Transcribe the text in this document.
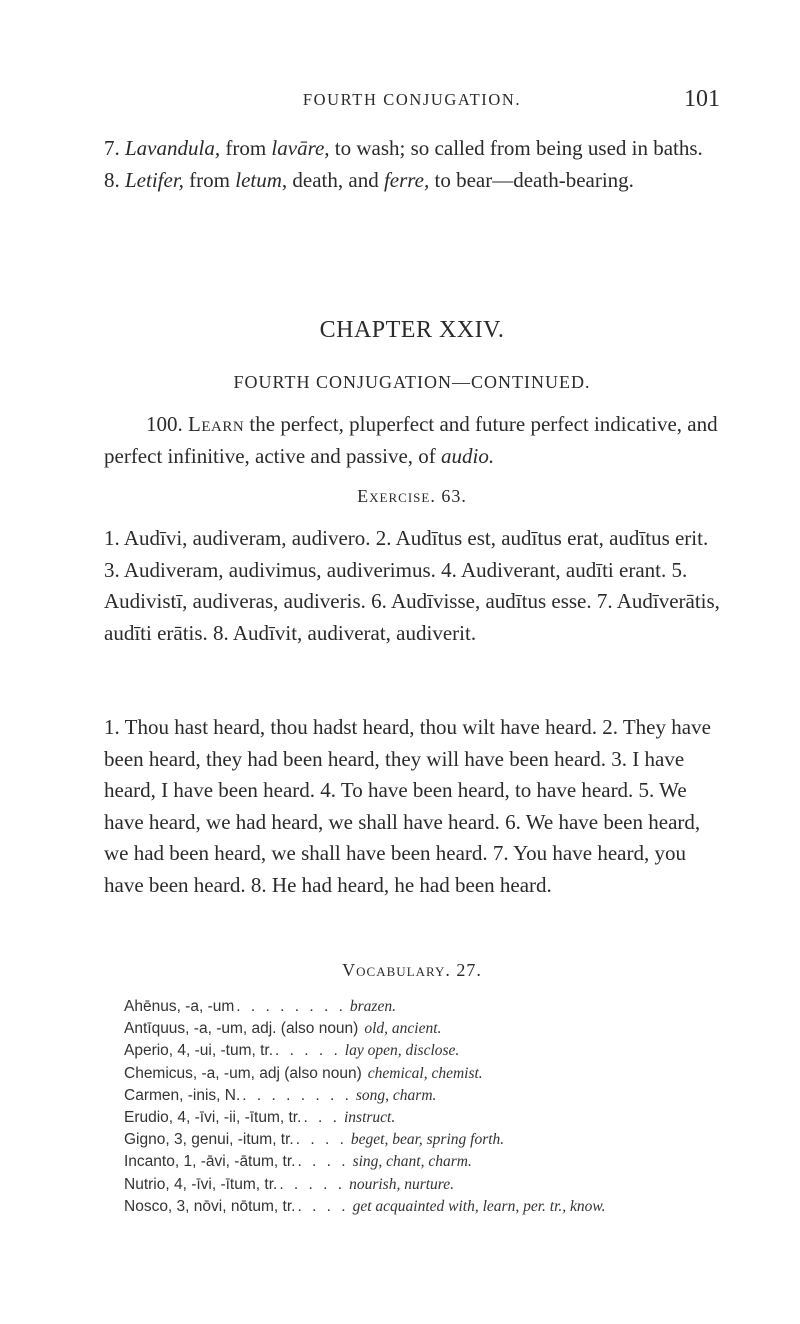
FOURTH CONJUGATION.	101

7. Lavandula, from lavāre, to wash; so called from being used in baths.

8. Letifer, from letum, death, and ferre, to bear—death-bearing.

CHAPTER XXIV.
FOURTH CONJUGATION—CONTINUED.

  100. Learn the perfect, pluperfect and future perfect indicative, and perfect infinitive, active and passive, of audio.

Exercise. 63.

1. Audīvi, audiveram, audivero. 2. Audītus est, audītus erat, audītus erit. 3. Audiveram, audivimus, audiverimus. 4. Audiverant, audīti erant. 5. Audivistī, audiveras, audiveris. 6. Audīvisse, audītus esse. 7. Audīverātis, audīti erātis. 8. Audīvit, audiverat, audiverit.

1. Thou hast heard, thou hadst heard, thou wilt have heard. 2. They have been heard, they had been heard, they will have been heard. 3. I have heard, I have been heard. 4. To have been heard, to have heard. 5. We have heard, we had heard, we shall have heard. 6. We have been heard, we had been heard, we shall have been heard. 7. You have heard, you have been heard. 8. He had heard, he had been heard.

Vocabulary. 27.
Ahēnus, -a, -um . . . . . . . . brazen.
Antīquus, -a, -um, adj. (also noun) old, ancient.
Aperio, 4, -ui, -tum, tr. . . . . . lay open, disclose.
Chemicus, -a, -um, adj (also noun) chemical, chemist.
Carmen, -inis, N. . . . . . . . . song, charm.
Erudio, 4, -īvi, -ii, -ītum, tr. . . . instruct.
Gigno, 3, genui, -itum, tr. . . . . beget, bear, spring forth.
Incanto, 1, -āvi, -ātum, tr. . . . . sing, chant, charm.
Nutrio, 4, -īvi, -ītum, tr. . . . . . nourish, nurture.
Nosco, 3, nōvi, nōtum, tr. . . . . get acquainted with, learn, per. tr., know.
